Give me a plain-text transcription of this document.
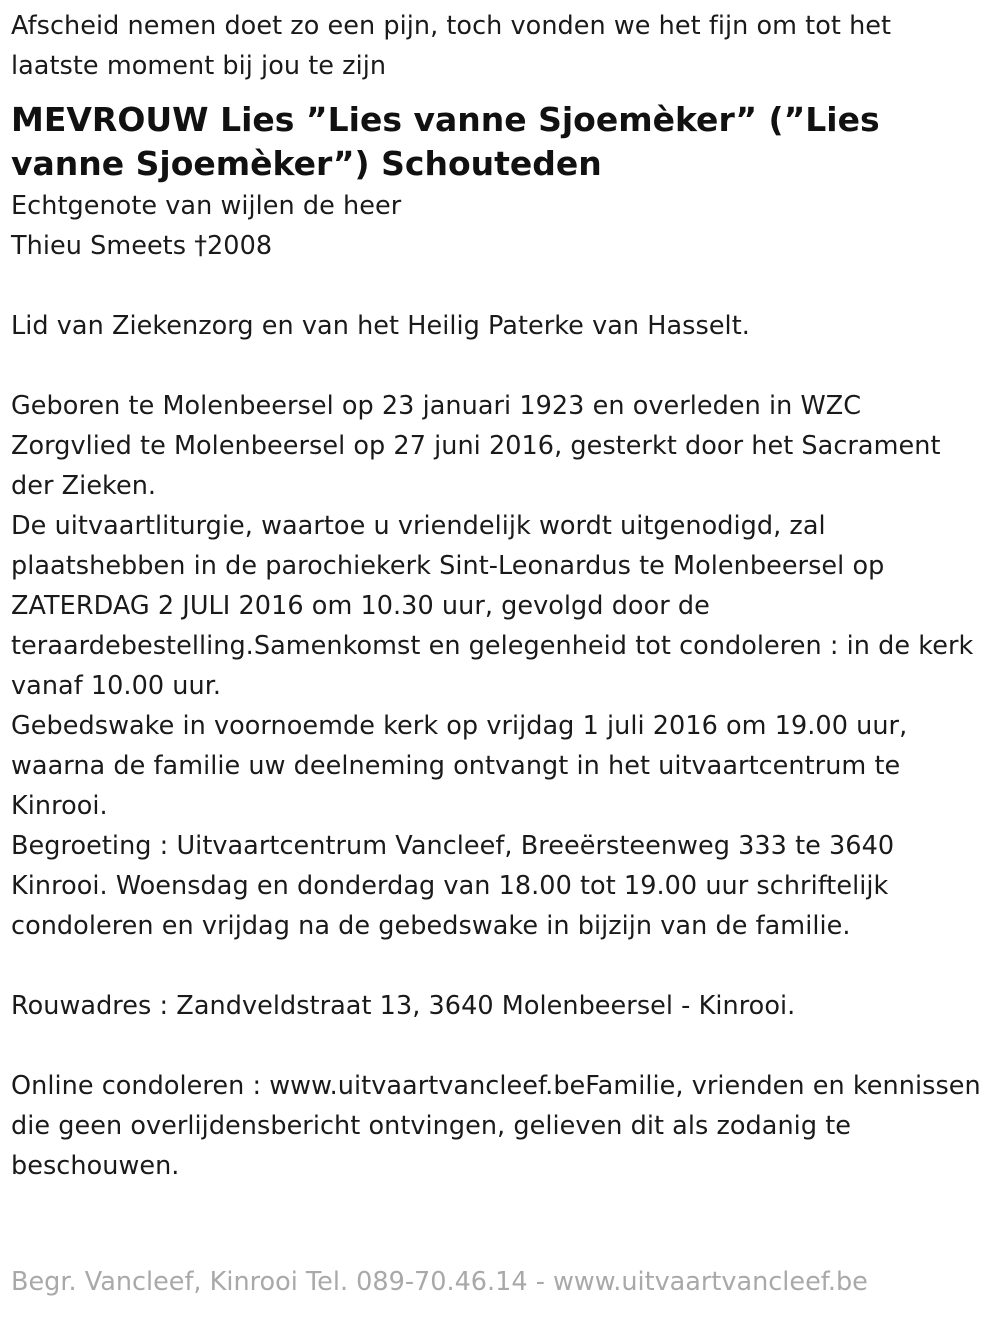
Afscheid nemen doet zo een pijn, toch vonden we het fijn om tot het laatste moment bij jou te zijn

MEVROUW Lies ”Lies vanne Sjoemèker” (”Lies vanne Sjoemèker”) Schouteden

Echtgenote van wijlen de heer

Thieu Smeets †2008

Lid van Ziekenzorg en van het Heilig Paterke van Hasselt.

Geboren te Molenbeersel op 23 januari 1923 en overleden in WZC Zorgvlied te Molenbeersel op 27 juni 2016, gesterkt door het Sacrament der Zieken.

De uitvaartliturgie, waartoe u vriendelijk wordt uitgenodigd, zal plaatshebben in de parochiekerk Sint-Leonardus te Molenbeersel op ZATERDAG 2 JULI 2016 om 10.30 uur, gevolgd door de teraardebestelling.Samenkomst en gelegenheid tot condoleren : in de kerk vanaf 10.00 uur.

Gebedswake in voornoemde kerk op vrijdag 1 juli 2016 om 19.00 uur, waarna de familie uw deelneming ontvangt in het uitvaartcentrum te Kinrooi.

Begroeting : Uitvaartcentrum Vancleef, Breeërsteenweg 333 te 3640 Kinrooi. Woensdag en donderdag van 18.00 tot 19.00 uur schriftelijk condoleren en vrijdag na de gebedswake in bijzijn van de familie.

Rouwadres : Zandveldstraat 13, 3640 Molenbeersel - Kinrooi.

Online condoleren : www.uitvaartvancleef.beFamilie, vrienden en kennissen die geen overlijdensbericht ontvingen, gelieven dit als zodanig te beschouwen.

Begr. Vancleef, Kinrooi Tel. 089-70.46.14 - www.uitvaartvancleef.be
